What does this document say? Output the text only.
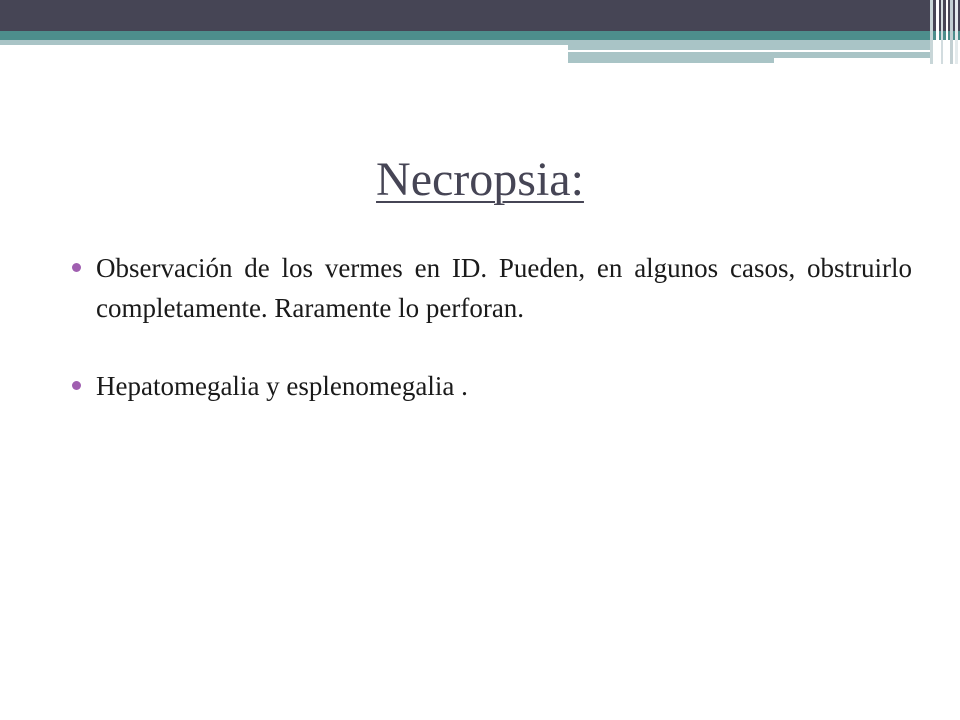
Necropsia:
Observación de los vermes en ID. Pueden, en algunos casos, obstruirlo completamente. Raramente lo perforan.
Hepatomegalia y esplenomegalia .
